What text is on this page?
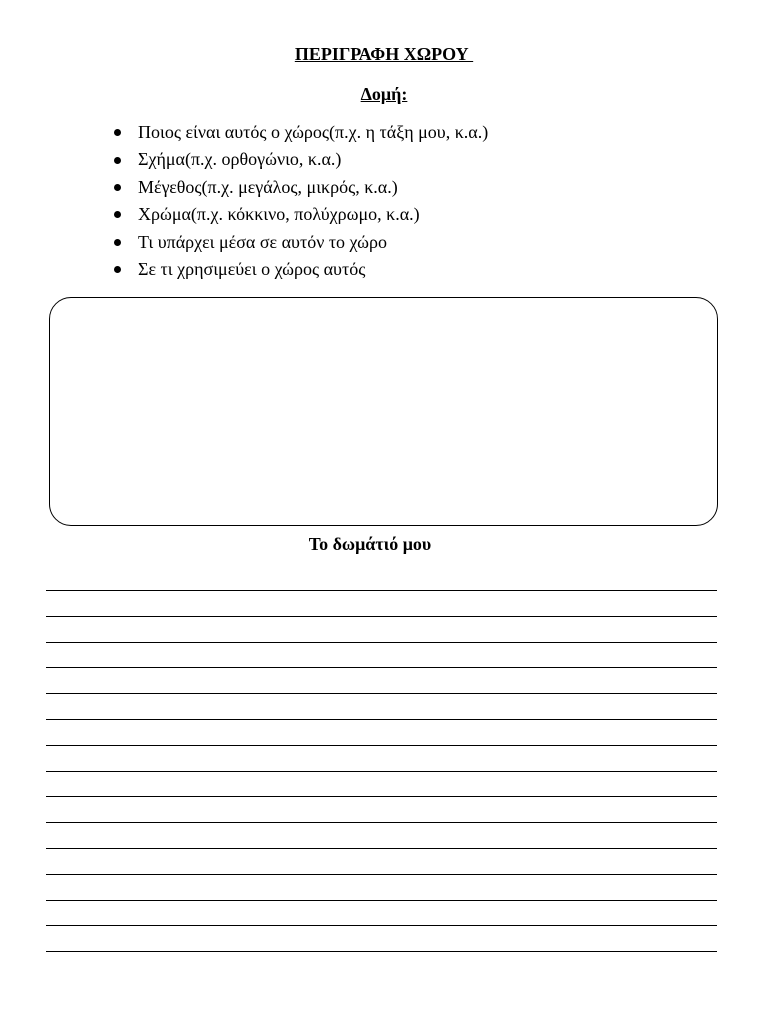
ΠΕΡΙΓΡΑΦΗ ΧΩΡΟΥ
Δομή:
Ποιος είναι αυτός ο χώρος(π.χ. η τάξη μου, κ.α.)
Σχήμα(π.χ. ορθογώνιο, κ.α.)
Μέγεθος(π.χ. μεγάλος, μικρός, κ.α.)
Χρώμα(π.χ. κόκκινο, πολύχρωμο, κ.α.)
Τι υπάρχει μέσα σε αυτόν το χώρο
Σε τι χρησιμεύει ο χώρος αυτός
Το δωμάτιό μου
